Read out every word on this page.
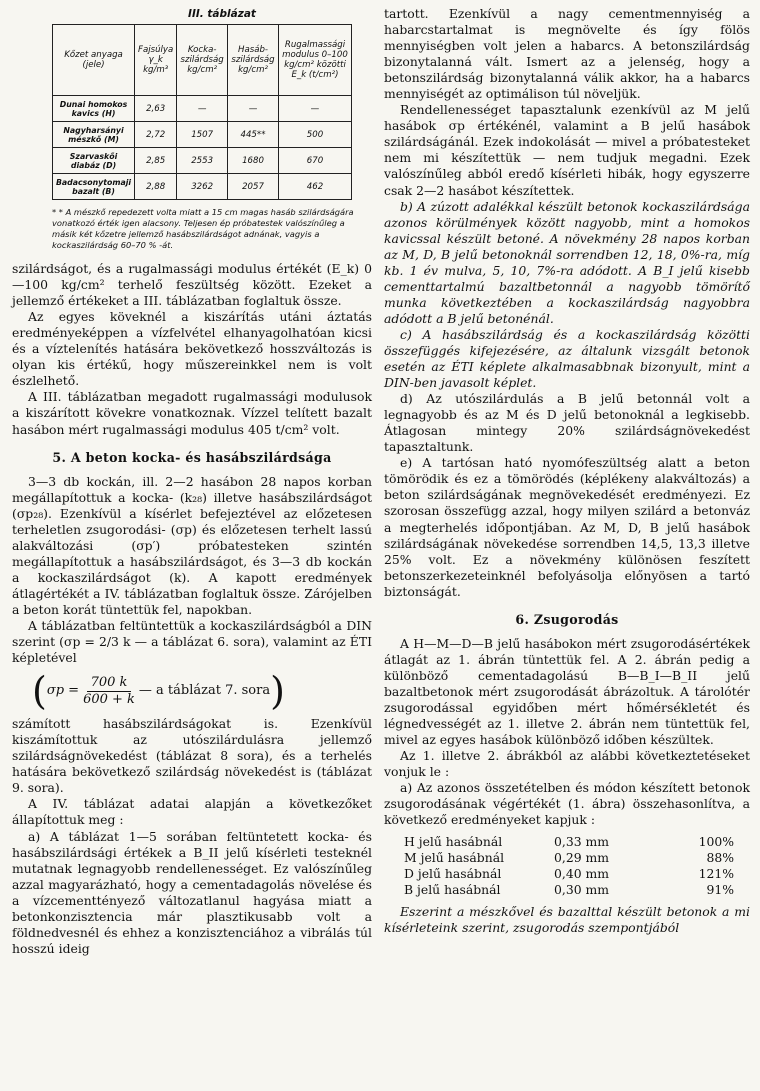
III. táblázat
Kőzet anyaga (jele)	Fajsúlya γ_k kg/m³	Kocka-szilárdság kg/cm²	Hasáb-szilárdság kg/cm²	Rugalmassági modulus 0–100 kg/cm² közötti E_k (t/cm²)
Dunai homokos kavics (H)	2,63	—	—	—
Nagyharsányi mészkő (M)	2,72	1507	445**	500
Szarvaskői diabáz (D)	2,85	2553	1680	670
Badacsonytomaji bazalt (B)	2,88	3262	2057	462
* * A mészkő repedezett volta miatt a 15 cm magas hasáb szilárdságára vonatkozó érték igen alacsony. Teljesen ép próbatestek valószínűleg a másik két kőzetre jellemző hasábszilárdságot adnának, vagyis a kockaszilárdság 60–70 % -át.

szilárdságot, és a rugalmassági modulus értékét (E_k) 0—100 kg/cm² terhelő feszültség között. Ezeket a jellemző értékeket a III. táblázatban foglaltuk össze.

Az egyes köveknél a kiszárítás utáni áztatás eredményeképpen a vízfelvétel elhanyagolhatóan kicsi és a víztelenítés hatására bekövetkező hosszváltozás is olyan kis értékű, hogy műszereinkkel nem is volt észlelhető.

A III. táblázatban megadott rugalmassági modulusok a kiszárított kövekre vonatkoznak. Vízzel telített bazalt hasábon mért rugalmassági modulus 405 t/cm² volt.

5. A beton kocka- és hasábszilárdsága

3—3 db kockán, ill. 2—2 hasábon 28 napos korban megállapítottuk a kocka- (k₂₈) illetve hasábszilárdságot (σp₂₈). Ezenkívül a kísérlet befejeztével az előzetesen terheletlen zsugorodási- (σp) és előzetesen terhelt lassú alakváltozási (σp′) próbatesteken szintén megállapítottuk a hasábszilárdságot, és 3—3 db kockán a kockaszilárdságot (k). A kapott eredmények átlagértékét a IV. táblázatban foglaltuk össze. Zárójelben a beton korát tüntettük fel, napokban.

A táblázatban feltüntettük a kockaszilárdságból a DIN szerint (σp = 2/3 k — a táblázat 6. sora), valamint az ÉTI képletével

( $\sigma p = \frac{700 k}{600 + k}$ — a táblázat 7. sora )

számított hasábszilárdságokat is. Ezenkívül kiszámítottuk az utószilárdulásra jellemző szilárdságnövekedést (táblázat 8 sora), és a terhelés hatására bekövetkező szilárdság növekedést is (táblázat 9. sora).

A IV. táblázat adatai alapján a következőket állapítottuk meg :

a) A táblázat 1—5 sorában feltüntetett kocka- és hasábszilárdsági értékek a B_II jelű kísérleti testeknél mutatnak legnagyobb rendellenességet. Ez valószínűleg azzal magyarázható, hogy a cementadagolás növelése és a vízcementtényező változatlanul hagyása miatt a betonkonzisztencia már plasztikusabb volt a földnedvesnél és ehhez a konzisztenciához a vibrálás túl hosszú ideig

tartott. Ezenkívül a nagy cementmennyiség a habarcstartalmat is megnövelte és így fölös mennyiségben volt jelen a habarcs. A betonszilárdság bizonytalanná vált. Ismert az a jelenség, hogy a betonszilárdság bizonytalanná válik akkor, ha a habarcs mennyiségét az optimálison túl növeljük.

Rendellenességet tapasztalunk ezenkívül az M jelű hasábok σp értékénél, valamint a B jelű hasábok szilárdságánál. Ezek indokolását — mivel a próbatesteket nem mi készítettük — nem tudjuk megadni. Ezek valószínűleg abból eredő kísérleti hibák, hogy egyszerre csak 2—2 hasábot készítettek.

b) A zúzott adalékkal készült betonok kockaszilárdsága azonos körülmények között nagyobb, mint a homokos kavicssal készült betoné. A növekmény 28 napos korban az M, D, B jelű betonoknál sorrendben 12, 18, 0%-ra, míg kb. 1 év mulva, 5, 10, 7%-ra adódott. A B_I jelű kisebb cementtartalmú bazaltbetonnál a nagyobb tömörítő munka következtében a kockaszilárdság nagyobbra adódott a B jelű betonénál.

c) A hasábszilárdság és a kockaszilárdság közötti összefüggés kifejezésére, az általunk vizsgált betonok esetén az ÉTI képlete alkalmasabbnak bizonyult, mint a DIN-ben javasolt képlet.

d) Az utószilárdulás a B jelű betonnál volt a legnagyobb és az M és D jelű betonoknál a legkisebb. Átlagosan mintegy 20% szilárdságnövekedést tapasztaltunk.

e) A tartósan ható nyomófeszültség alatt a beton tömörödik és ez a tömörödés (képlékeny alakváltozás) a beton szilárdságának megnövekedését eredményezi. Ez szorosan összefügg azzal, hogy milyen szilárd a betonváz a megterhelés időpontjában. Az M, D, B jelű hasábok szilárdságának növekedése sorrendben 14,5, 13,3 illetve 25% volt. Ez a növekmény különösen feszített betonszerkezeteinknél befolyásolja előnyösen a tartó biztonságát.

6. Zsugorodás

A H—M—D—B jelű hasábokon mért zsugorodásértékek átlagát az 1. ábrán tüntettük fel. A 2. ábrán pedig a különböző cementadagolású B—B_I—B_II jelű bazaltbetonok mért zsugorodását ábrázoltuk. A tárolótér zsugorodással egyidőben mért hőmérsékletét és légnedvességét az 1. illetve 2. ábrán nem tüntettük fel, mivel az egyes hasábok különböző időben készültek.

Az 1. illetve 2. ábrákból az alábbi következtetéseket vonjuk le :

a) Az azonos összetételben és módon készített betonok zsugorodásának végértékét (1. ábra) összehasonlítva, a következő eredményeket kapjuk :

H jelű hasábnál	0,33 mm	100%
M jelű hasábnál	0,29 mm	88%
D jelű hasábnál	0,40 mm	121%
B jelű hasábnál	0,30 mm	91%

Eszerint a mészkővel és bazalttal készült betonok a mi kísérleteink szerint, zsugorodás szempontjából
